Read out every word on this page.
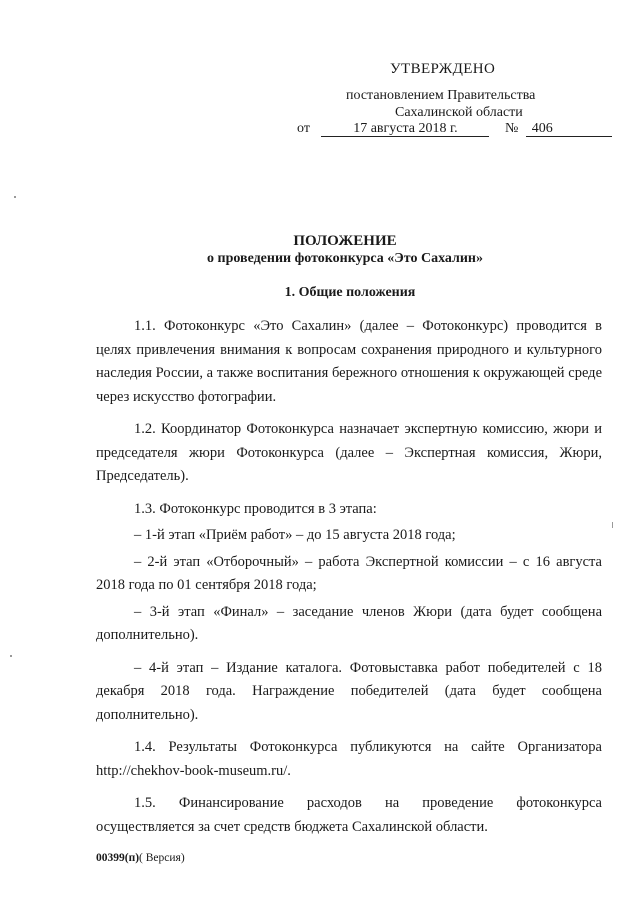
УТВЕРЖДЕНО
постановлением Правительства
Сахалинской области
от	17 августа 2018 г.	№ 406
ПОЛОЖЕНИЕ
о проведении фотоконкурса «Это Сахалин»
1. Общие положения

1.1. Фотоконкурс «Это Сахалин» (далее – Фотоконкурс) проводится в целях привлечения внимания к вопросам сохранения природного и культурного наследия России, а также воспитания бережного отношения к окружающей среде через искусство фотографии.

1.2. Координатор Фотоконкурса назначает экспертную комиссию, жюри и председателя жюри Фотоконкурса (далее – Экспертная комиссия, Жюри, Председатель).

1.3. Фотоконкурс проводится в 3 этапа:

– 1-й этап «Приём работ» – до 15 августа 2018 года;

– 2-й этап «Отборочный» – работа Экспертной комиссии – с 16 августа 2018 года по 01 сентября 2018 года;

– 3-й этап «Финал» – заседание членов Жюри (дата будет сообщена дополнительно).

– 4-й этап – Издание каталога. Фотовыставка работ победителей с 18 декабря 2018 года. Награждение победителей (дата будет сообщена дополнительно).

1.4. Результаты Фотоконкурса публикуются на сайте Организатора http://chekhov-book-museum.ru/.

1.5. Финансирование расходов на проведение фотоконкурса осуществляется за счет средств бюджета Сахалинской области.

00399(п)( Версия)
